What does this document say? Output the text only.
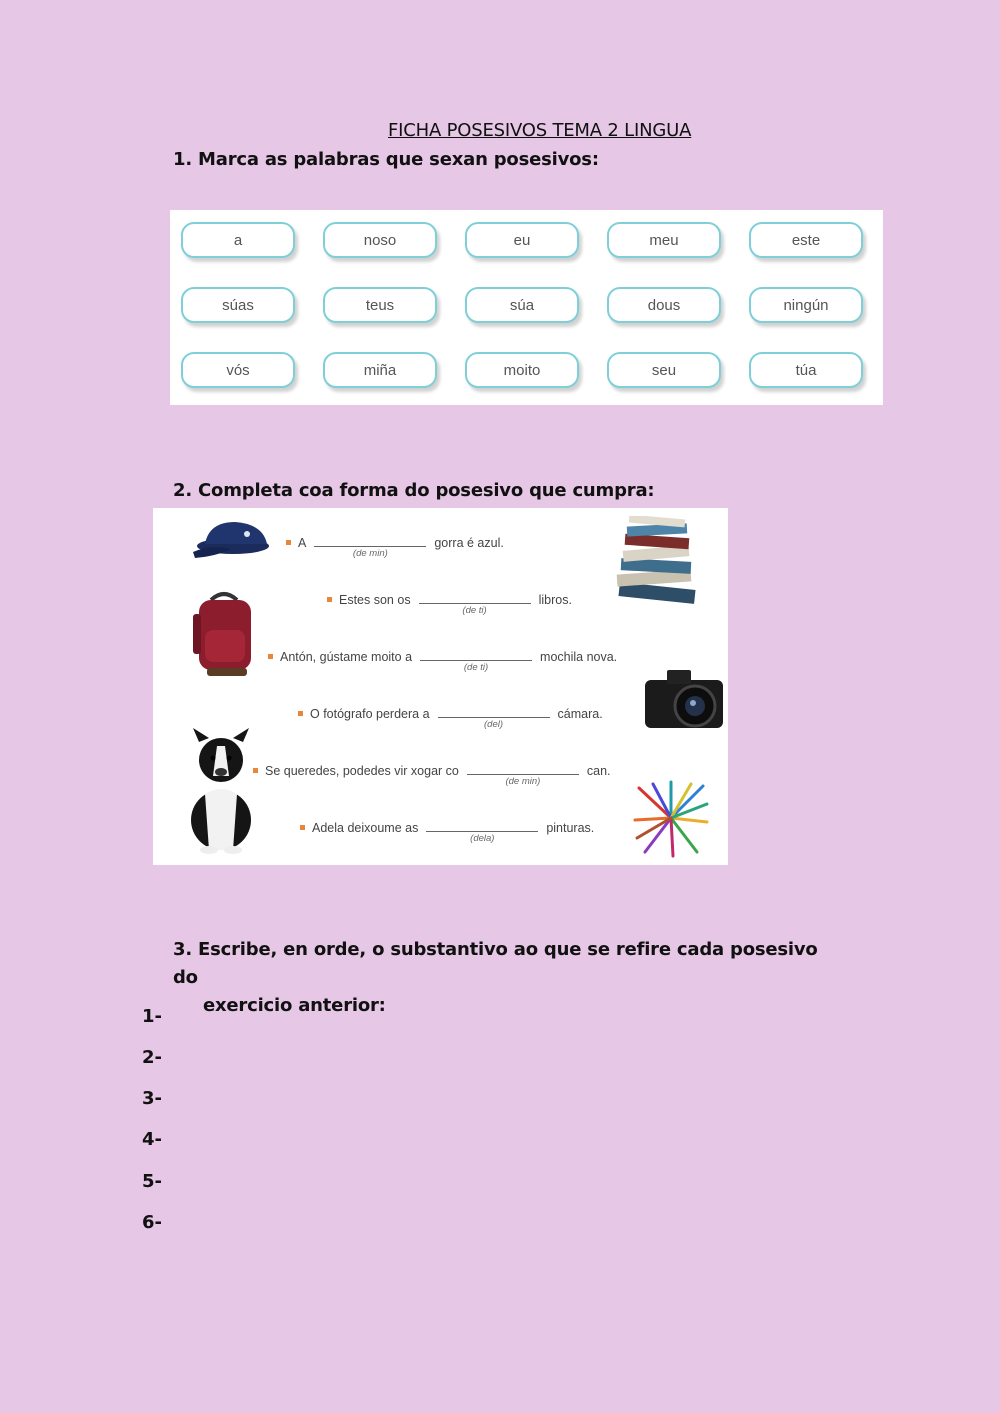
FICHA POSESIVOS TEMA 2 LINGUA
1. Marca as palabras que sexan posesivos:
a	noso	eu	meu	este
súas	teus	súa	dous	ningún
vós	miña	moito	seu	túa
2. Completa coa forma do posesivo que cumpra:
A
(de min)
gorra é azul.
Estes son os
(de ti)
libros.
Antón, gústame moito a
(de ti)
mochila nova.
O fotógrafo perdera a
(del)
cámara.
Se queredes, podedes vir xogar co
(de min)
can.
Adela deixoume as
(dela)
pinturas.
3. Escribe, en orde, o substantivo ao que se refire cada posesivo do
exercicio anterior:
1-
2-
3-
4-
5-
6-
